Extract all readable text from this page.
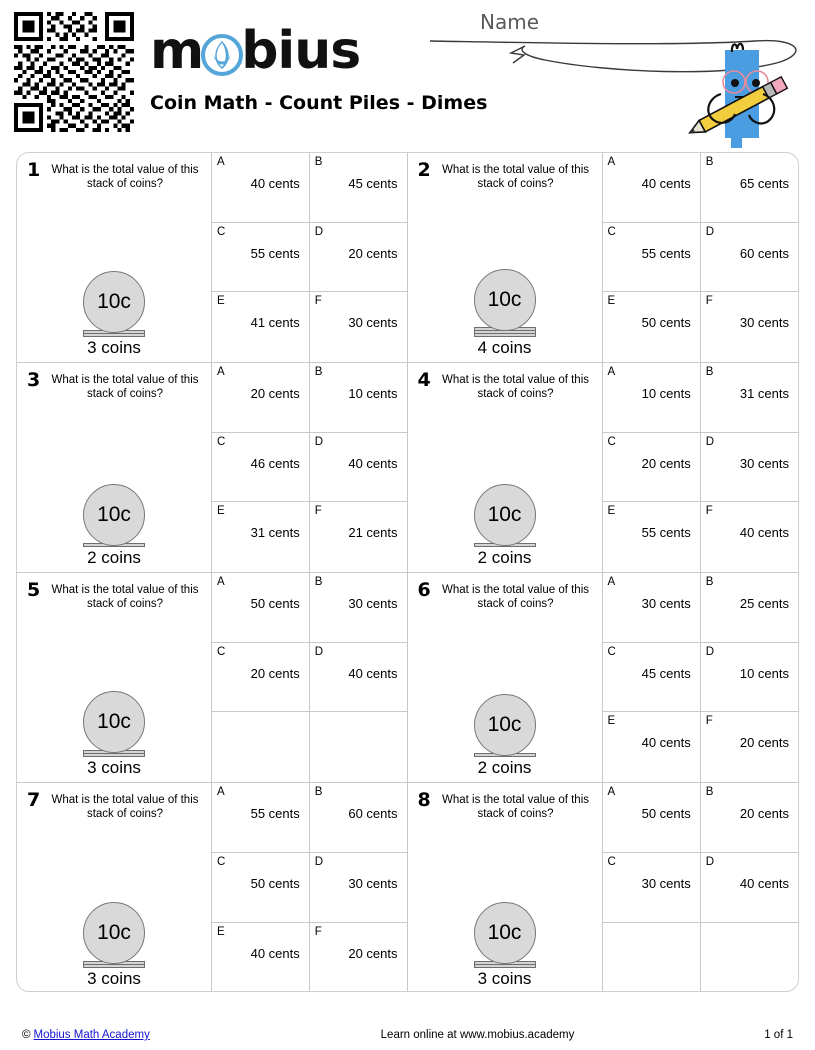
m bius
Coin Math - Count Piles - Dimes
Name
1 What is the total value of this stack of coins?
10c
3 coins
A
40 cents
B
45 cents
C
55 cents
D
20 cents
E
41 cents
F
30 cents
2 What is the total value of this stack of coins?
10c
4 coins
A
40 cents
B
65 cents
C
55 cents
D
60 cents
E
50 cents
F
30 cents
3 What is the total value of this stack of coins?
10c
2 coins
A
20 cents
B
10 cents
C
46 cents
D
40 cents
E
31 cents
F
21 cents
4 What is the total value of this stack of coins?
10c
2 coins
A
10 cents
B
31 cents
C
20 cents
D
30 cents
E
55 cents
F
40 cents
5 What is the total value of this stack of coins?
10c
3 coins
A
50 cents
B
30 cents
C
20 cents
D
40 cents
6 What is the total value of this stack of coins?
10c
2 coins
A
30 cents
B
25 cents
C
45 cents
D
10 cents
E
40 cents
F
20 cents
7 What is the total value of this stack of coins?
10c
3 coins
A
55 cents
B
60 cents
C
50 cents
D
30 cents
E
40 cents
F
20 cents
8 What is the total value of this stack of coins?
10c
3 coins
A
50 cents
B
20 cents
C
30 cents
D
40 cents
© Mobius Math Academy	Learn online at www.mobius.academy	1 of 1
